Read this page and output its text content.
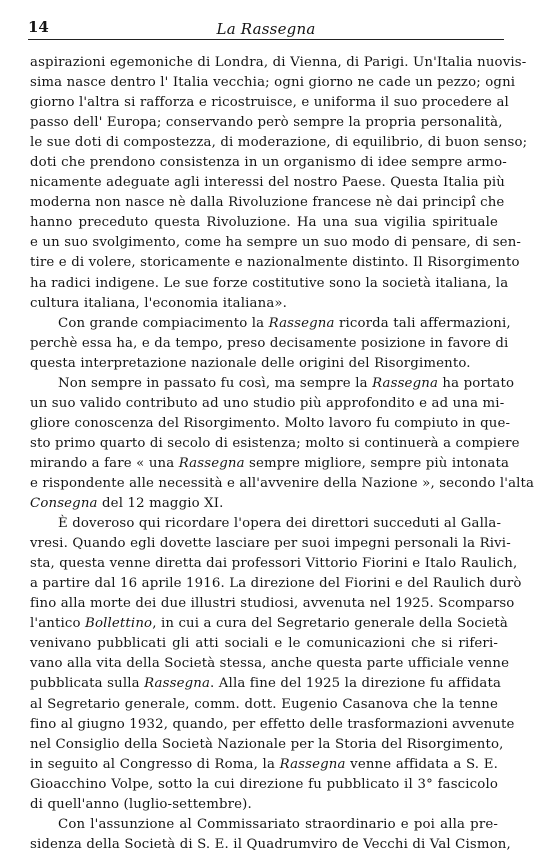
14	La Rassegna
aspirazioni egemoniche di Londra, di Vienna, di Parigi. Un'Italia nuovis-
sima nasce dentro l' Italia vecchia; ogni giorno ne cade un pezzo; ogni
giorno l'altra si rafforza e ricostruisce, e uniforma il suo procedere al
passo dell' Europa; conservando però sempre la propria personalità,
le sue doti di compostezza, di moderazione, di equilibrio, di buon senso;
doti che prendono consistenza in un organismo di idee sempre armo-
nicamente adeguate agli interessi del nostro Paese. Questa Italia più
moderna non nasce nè dalla Rivoluzione francese nè dai principî che
hanno preceduto questa Rivoluzione. Ha una sua vigilia spirituale
e un suo svolgimento, come ha sempre un suo modo di pensare, di sen-
tire e di volere, storicamente e nazionalmente distinto. Il Risorgimento
ha radici indigene. Le sue forze costitutive sono la società italiana, la
cultura italiana, l'economia italiana».
Con grande compiacimento la Rassegna ricorda tali affermazioni,
perchè essa ha, e da tempo, preso decisamente posizione in favore di
questa interpretazione nazionale delle origini del Risorgimento.
Non sempre in passato fu così, ma sempre la Rassegna ha portato
un suo valido contributo ad uno studio più approfondito e ad una mi-
gliore conoscenza del Risorgimento. Molto lavoro fu compiuto in que-
sto primo quarto di secolo di esistenza; molto si continuerà a compiere
mirando a fare « una Rassegna sempre migliore, sempre più intonata
e rispondente alle necessità e all'avvenire della Nazione », secondo l'alta
Consegna del 12 maggio XI.
È doveroso qui ricordare l'opera dei direttori succeduti al Galla-
vresi. Quando egli dovette lasciare per suoi impegni personali la Rivi-
sta, questa venne diretta dai professori Vittorio Fiorini e Italo Raulich,
a partire dal 16 aprile 1916. La direzione del Fiorini e del Raulich durò
fino alla morte dei due illustri studiosi, avvenuta nel 1925. Scomparso
l'antico Bollettino, in cui a cura del Segretario generale della Società
venivano pubblicati gli atti sociali e le comunicazioni che si riferi-
vano alla vita della Società stessa, anche questa parte ufficiale venne
pubblicata sulla Rassegna. Alla fine del 1925 la direzione fu affidata
al Segretario generale, comm. dott. Eugenio Casanova che la tenne
fino al giugno 1932, quando, per effetto delle trasformazioni avvenute
nel Consiglio della Società Nazionale per la Storia del Risorgimento,
in seguito al Congresso di Roma, la Rassegna venne affidata a S. E.
Gioacchino Volpe, sotto la cui direzione fu pubblicato il 3° fascicolo
di quell'anno (luglio-settembre).
Con l'assunzione al Commissariato straordinario e poi alla pre-
sidenza della Società di S. E. il Quadrumviro de Vecchi di Val Cismon,
